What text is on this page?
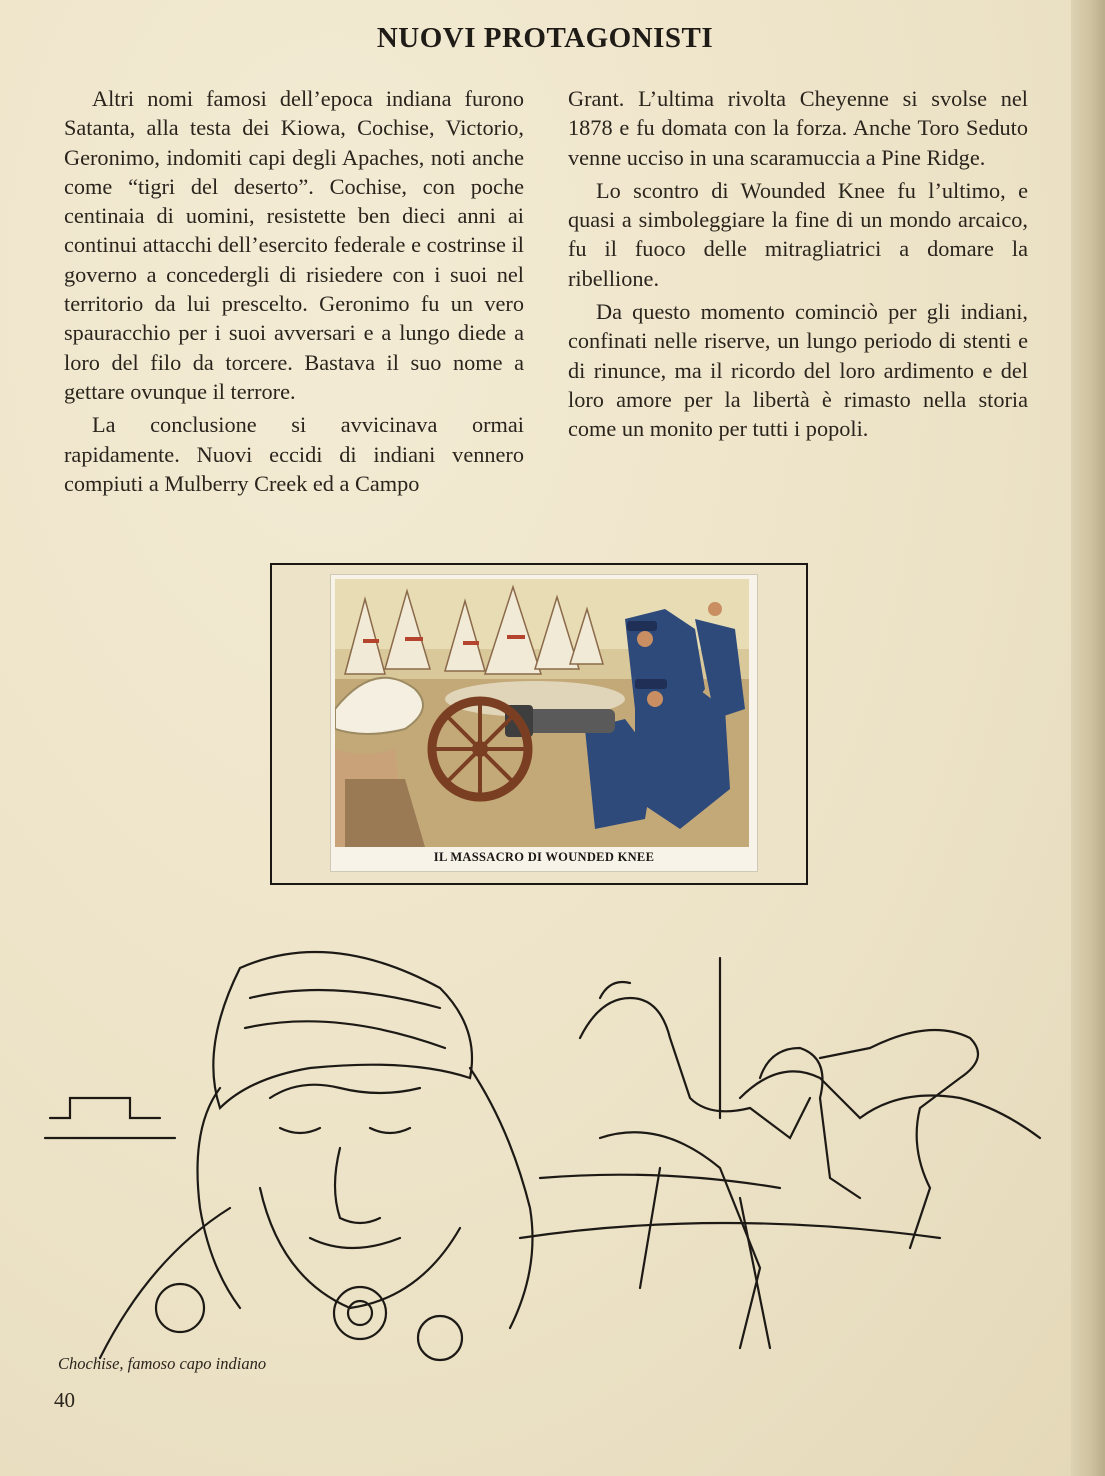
NUOVI PROTAGONISTI

Altri nomi famosi dell’epoca indiana furono Satanta, alla testa dei Kiowa, Cochise, Victorio, Geronimo, indomiti capi degli Apaches, noti anche come “tigri del deserto”. Cochise, con poche centinaia di uomini, resistette ben dieci anni ai continui attacchi dell’esercito federale e costrinse il governo a concedergli di risiedere con i suoi nel territorio da lui prescelto. Geronimo fu un vero spauracchio per i suoi avversari e a lungo diede a loro del filo da torcere. Bastava il suo nome a gettare ovunque il terrore.

La conclusione si avvicinava ormai rapidamente. Nuovi eccidi di indiani vennero compiuti a Mulberry Creek ed a Campo

Grant. L’ultima rivolta Cheyenne si svolse nel 1878 e fu domata con la forza. Anche Toro Seduto venne ucciso in una scaramuccia a Pine Ridge.

Lo scontro di Wounded Knee fu l’ultimo, e quasi a simboleggiare la fine di un mondo arcaico, fu il fuoco delle mitragliatrici a domare la ribellione.

Da questo momento cominciò per gli indiani, confinati nelle riserve, un lungo periodo di stenti e di rinunce, ma il ricordo del loro ardimento e del loro amore per la libertà è rimasto nella storia come un monito per tutti i popoli.

IL MASSACRO DI WOUNDED KNEE
Chochise, famoso capo indiano
40
